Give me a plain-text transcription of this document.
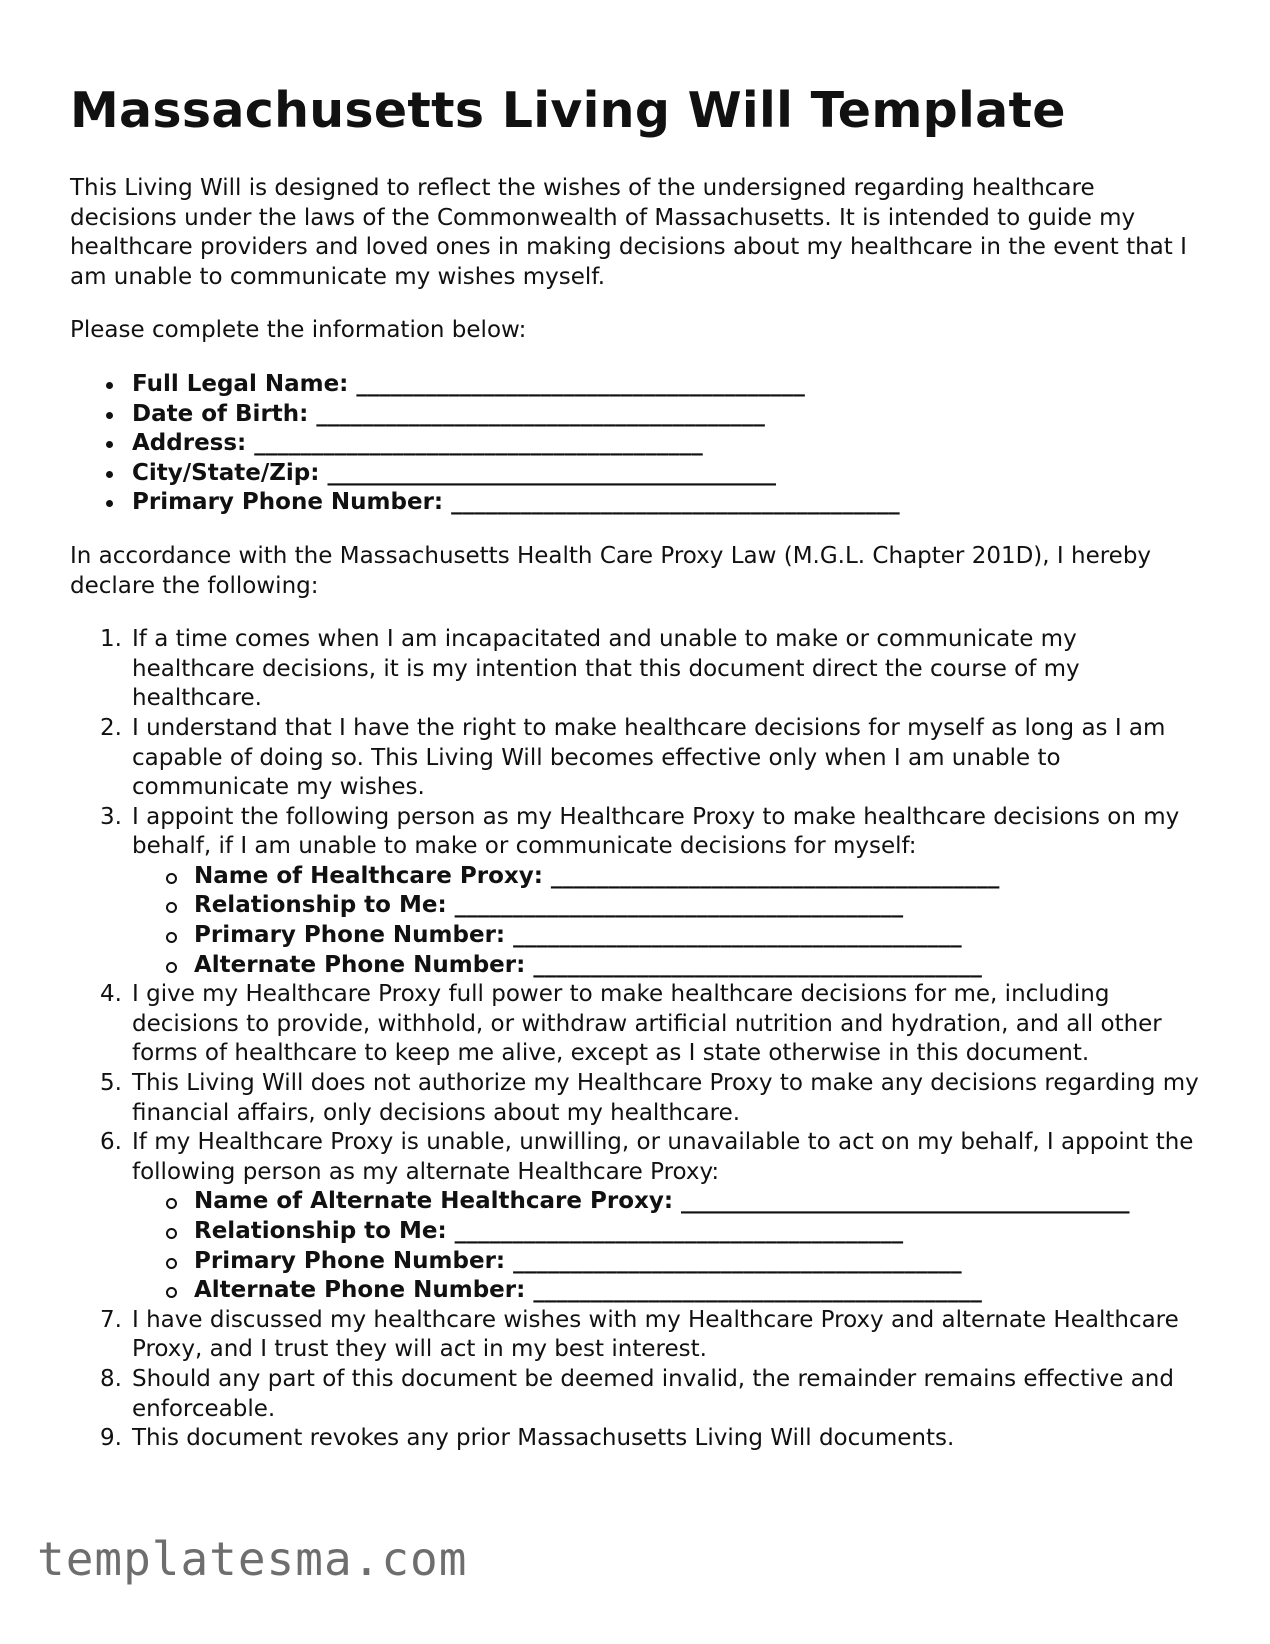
Massachusetts Living Will Template

This Living Will is designed to reflect the wishes of the undersigned regarding healthcare decisions under the laws of the Commonwealth of Massachusetts. It is intended to guide my healthcare providers and loved ones in making decisions about my healthcare in the event that I am unable to communicate my wishes myself.

Please complete the information below:

Full Legal Name: _______________________________________
Date of Birth: _______________________________________
Address: _______________________________________
City/State/Zip: _______________________________________
Primary Phone Number: _______________________________________

In accordance with the Massachusetts Health Care Proxy Law (M.G.L. Chapter 201D), I hereby declare the following:

1. If a time comes when I am incapacitated and unable to make or communicate my healthcare decisions, it is my intention that this document direct the course of my healthcare.
2. I understand that I have the right to make healthcare decisions for myself as long as I am capable of doing so. This Living Will becomes effective only when I am unable to communicate my wishes.
3. I appoint the following person as my Healthcare Proxy to make healthcare decisions on my behalf, if I am unable to make or communicate decisions for myself:
Name of Healthcare Proxy: _______________________________________
Relationship to Me: _______________________________________
Primary Phone Number: _______________________________________
Alternate Phone Number: _______________________________________
4. I give my Healthcare Proxy full power to make healthcare decisions for me, including decisions to provide, withhold, or withdraw artificial nutrition and hydration, and all other forms of healthcare to keep me alive, except as I state otherwise in this document.
5. This Living Will does not authorize my Healthcare Proxy to make any decisions regarding my financial affairs, only decisions about my healthcare.
6. If my Healthcare Proxy is unable, unwilling, or unavailable to act on my behalf, I appoint the following person as my alternate Healthcare Proxy:
Name of Alternate Healthcare Proxy: _______________________________________
Relationship to Me: _______________________________________
Primary Phone Number: _______________________________________
Alternate Phone Number: _______________________________________
7. I have discussed my healthcare wishes with my Healthcare Proxy and alternate Healthcare Proxy, and I trust they will act in my best interest.
8. Should any part of this document be deemed invalid, the remainder remains effective and enforceable.
9. This document revokes any prior Massachusetts Living Will documents.
templatesma.com
